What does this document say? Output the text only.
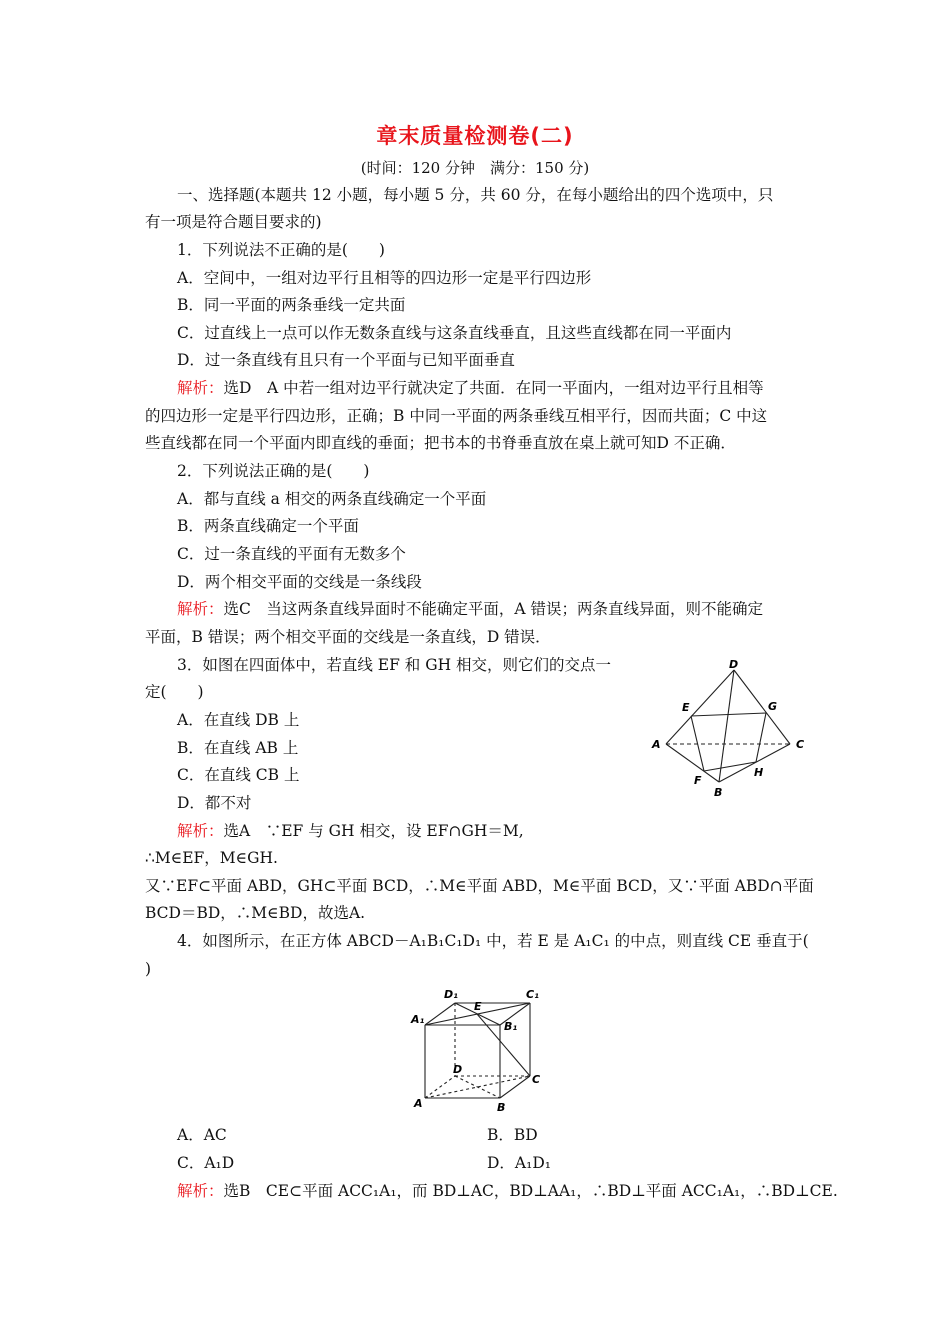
章末质量检测卷(二)
(时间：120 分钟　满分：150 分)
一、选择题(本题共 12 小题，每小题 5 分，共 60 分，在每小题给出的四个选项中，只
有一项是符合题目要求的)
1．下列说法不正确的是(　　)
A．空间中，一组对边平行且相等的四边形一定是平行四边形
B．同一平面的两条垂线一定共面
C．过直线上一点可以作无数条直线与这条直线垂直，且这些直线都在同一平面内
D．过一条直线有且只有一个平面与已知平面垂直
解析：选D　A 中若一组对边平行就决定了共面．在同一平面内，一组对边平行且相等
的四边形一定是平行四边形，正确；B 中同一平面的两条垂线互相平行，因而共面；C 中这
些直线都在同一个平面内即直线的垂面；把书本的书脊垂直放在桌上就可知D 不正确．
2．下列说法正确的是(　　)
A．都与直线 a 相交的两条直线确定一个平面
B．两条直线确定一个平面
C．过一条直线的平面有无数多个
D．两个相交平面的交线是一条线段
解析：选C　当这两条直线异面时不能确定平面，A 错误；两条直线异面，则不能确定
平面，B 错误；两个相交平面的交线是一条直线，D 错误．
3．如图在四面体中，若直线 EF 和 GH 相交，则它们的交点一
定(　　)
A．在直线 DB 上
B．在直线 AB 上
C．在直线 CB 上
D．都不对
解析：选A　∵EF 与 GH 相交，设 EF∩GH＝M,
∴M∈EF，M∈GH.
又∵EF⊂平面 ABD，GH⊂平面 BCD，∴M∈平面 ABD，M∈平面 BCD，又∵平面 ABD∩平面
BCD＝BD，∴M∈BD，故选A.
D
E	G
A	C
F
H
B
4．如图所示，在正方体 ABCD－A₁B₁C₁D₁ 中，若 E 是 A₁C₁ 的中点，则直线 CE 垂直于(
)
D₁
E
C₁
A₁
B₁
D
C
A	B
A．AC	B．BD
C．A₁D	D．A₁D₁
解析：选B　CE⊂平面 ACC₁A₁，而 BD⊥AC，BD⊥AA₁，∴BD⊥平面 ACC₁A₁，∴BD⊥CE.
